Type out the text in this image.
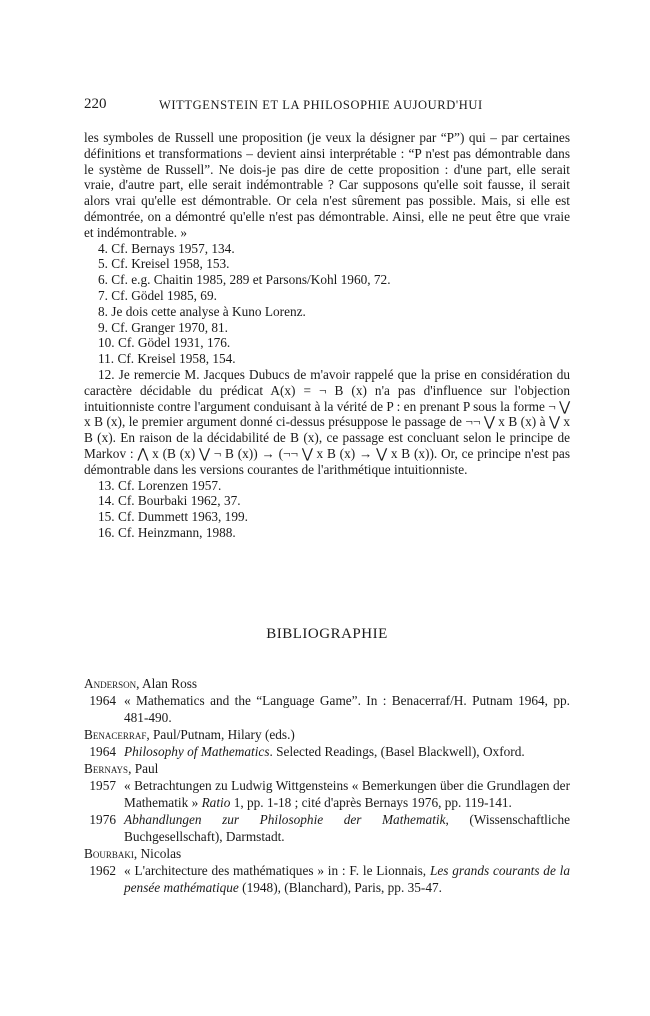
220	WITTGENSTEIN ET LA PHILOSOPHIE AUJOURD'HUI

les symboles de Russell une proposition (je veux la désigner par “P”) qui – par certaines définitions et transformations – devient ainsi interprétable : “P n'est pas démontrable dans le système de Russell”. Ne dois-je pas dire de cette proposition : d'une part, elle serait vraie, d'autre part, elle serait indémontrable ? Car supposons qu'elle soit fausse, il serait alors vrai qu'elle est démontrable. Or cela n'est sûrement pas possible. Mais, si elle est démontrée, on a démontré qu'elle n'est pas démontrable. Ainsi, elle ne peut être que vraie et indémontrable. »

4. Cf. Bernays 1957, 134.

5. Cf. Kreisel 1958, 153.

6. Cf. e.g. Chaitin 1985, 289 et Parsons/Kohl 1960, 72.

7. Cf. Gödel 1985, 69.

8. Je dois cette analyse à Kuno Lorenz.

9. Cf. Granger 1970, 81.

10. Cf. Gödel 1931, 176.

11. Cf. Kreisel 1958, 154.

12. Je remercie M. Jacques Dubucs de m'avoir rappelé que la prise en considération du caractère décidable du prédicat A(x) = ¬ B (x) n'a pas d'influence sur l'objection intuitionniste contre l'argument conduisant à la vérité de P : en prenant P sous la forme ¬ ⋁ x B (x), le premier argument donné ci-dessus présuppose le passage de ¬¬ ⋁ x B (x) à ⋁ x B (x). En raison de la décidabilité de B (x), ce passage est concluant selon le principe de Markov : ⋀ x (B (x) ⋁ ¬ B (x)) → (¬¬ ⋁ x B (x) → ⋁ x B (x)). Or, ce principe n'est pas démontrable dans les versions courantes de l'arithmétique intuitionniste.

13. Cf. Lorenzen 1957.

14. Cf. Bourbaki 1962, 37.

15. Cf. Dummett 1963, 199.

16. Cf. Heinzmann, 1988.

BIBLIOGRAPHIE

Anderson, Alan Ross

1964 « Mathematics and the “Language Game”. In : Benacerraf/H. Putnam 1964, pp. 481-490.

Benacerraf, Paul/Putnam, Hilary (eds.)

1964 Philosophy of Mathematics. Selected Readings, (Basel Blackwell), Oxford.

Bernays, Paul

1957 « Betrachtungen zu Ludwig Wittgensteins « Bemerkungen über die Grundlagen der Mathematik » Ratio 1, pp. 1-18 ; cité d'après Bernays 1976, pp. 119-141.
1976 Abhandlungen zur Philosophie der Mathematik, (Wissenschaftliche Buchgesellschaft), Darmstadt.

Bourbaki, Nicolas

1962 « L'architecture des mathématiques » in : F. le Lionnais, Les grands courants de la pensée mathématique (1948), (Blanchard), Paris, pp. 35-47.
